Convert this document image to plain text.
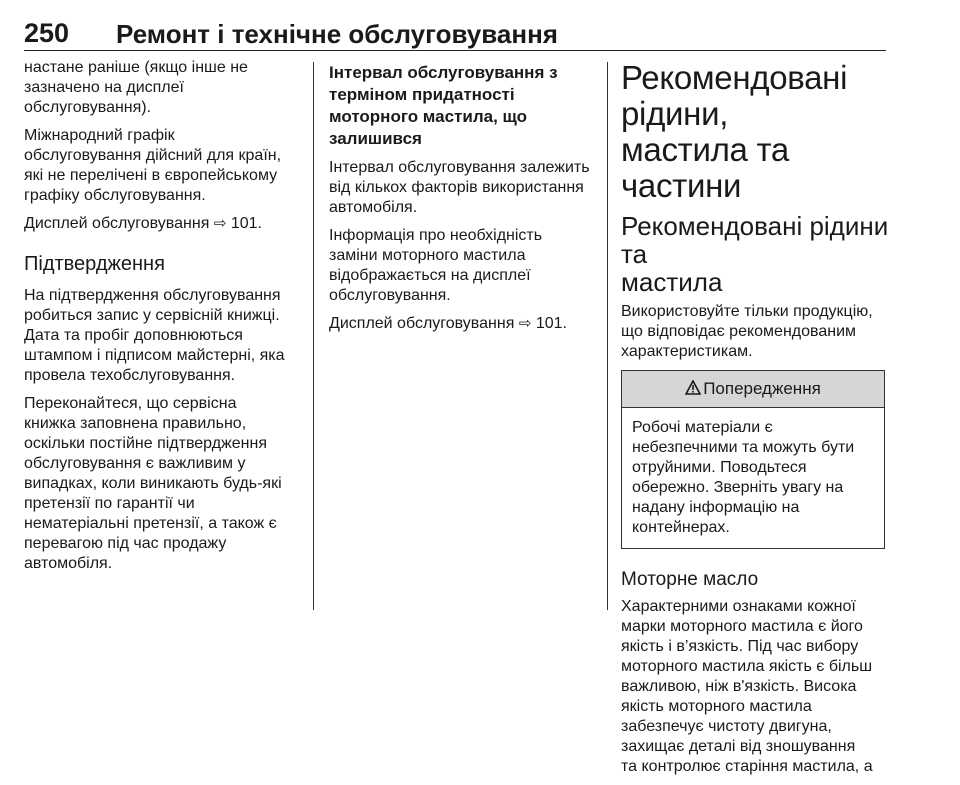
250 Ремонт і технічне обслуговування

настане раніше (якщо інше не
зазначено на дисплеї
обслуговування).

Міжнародний графік
обслуговування дійсний для країн,
які не перелічені в європейському
графіку обслуговування.

Дисплей обслуговування ⇨ 101.

Підтвердження

На підтвердження обслуговування
робиться запис у сервісній книжці.
Дата та пробіг доповнюються
штампом і підписом майстерні, яка
провела техобслуговування.

Переконайтеся, що сервісна
книжка заповнена правильно,
оскільки постійне підтвердження
обслуговування є важливим у
випадках, коли виникають будь-які
претензії по гарантії чи
нематеріальні претензії, а також є
перевагою під час продажу
автомобіля.

Інтервал обслуговування з
терміном придатності
моторного мастила, що
залишився

Інтервал обслуговування залежить
від кількох факторів використання
автомобіля.

Інформація про необхідність
заміни моторного мастила
відображається на дисплеї
обслуговування.

Дисплей обслуговування ⇨ 101.

Рекомендовані рідини,
мастила та частини
Рекомендовані рідини та
мастила

Використовуйте тільки продукцію,
що відповідає рекомендованим
характеристикам.

Попередження
Робочі матеріали є
небезпечними та можуть бути
отруйними. Поводьтеся
обережно. Зверніть увагу на
надану інформацію на
контейнерах.
Моторне масло

Характерними ознаками кожної
марки моторного мастила є його
якість і в’язкість. Під час вибору
моторного мастила якість є більш
важливою, ніж в'язкість. Висока
якість моторного мастила
забезпечує чистоту двигуна,
захищає деталі від зношування
та контролює старіння мастила, а
